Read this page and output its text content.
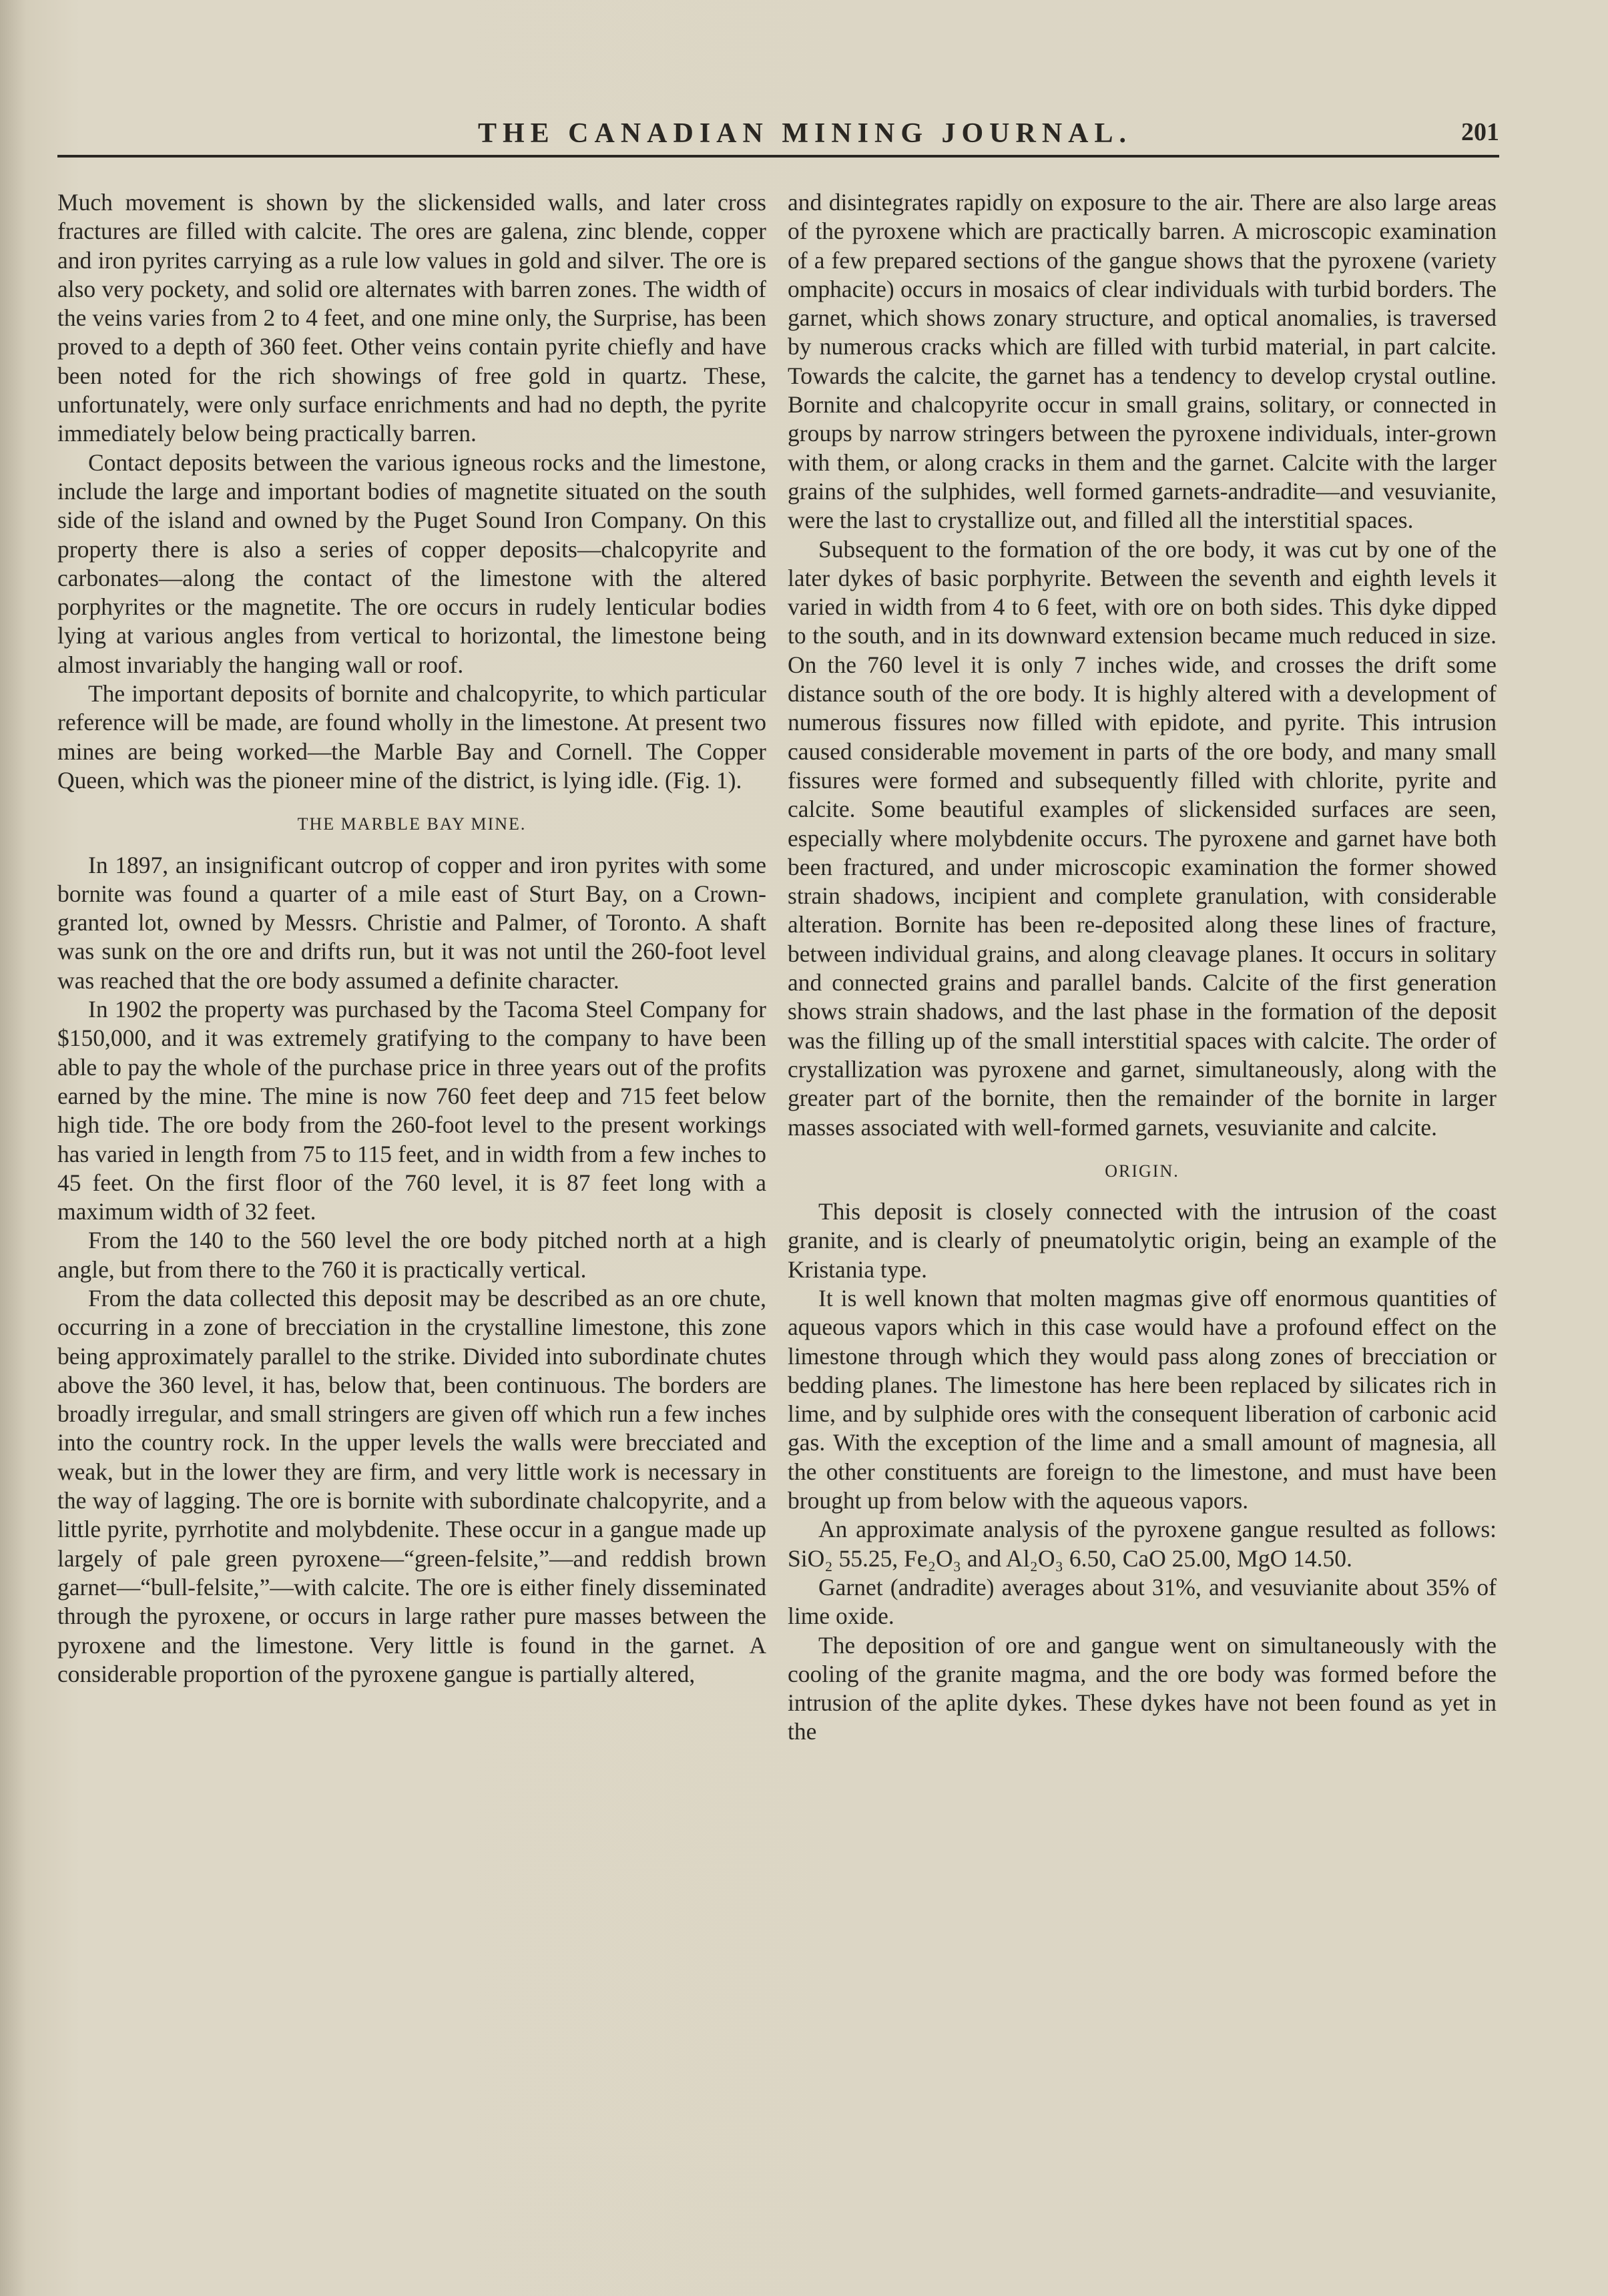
THE CANADIAN MINING JOURNAL.	201

Much movement is shown by the slickensided walls, and later cross fractures are filled with calcite. The ores are galena, zinc blende, copper and iron pyrites carrying as a rule low values in gold and silver. The ore is also very pockety, and solid ore alternates with barren zones. The width of the veins varies from 2 to 4 feet, and one mine only, the Surprise, has been proved to a depth of 360 feet. Other veins contain pyrite chiefly and have been noted for the rich showings of free gold in quartz. These, unfortunately, were only surface enrichments and had no depth, the pyrite immediately below being practically barren.

Contact deposits between the various igneous rocks and the limestone, include the large and important bodies of magnetite situated on the south side of the island and owned by the Puget Sound Iron Company. On this property there is also a series of copper deposits—chalcopyrite and carbonates—along the contact of the limestone with the altered porphyrites or the magnetite. The ore occurs in rudely lenticular bodies lying at various angles from vertical to horizontal, the limestone being almost invariably the hanging wall or roof.

The important deposits of bornite and chalcopyrite, to which particular reference will be made, are found wholly in the limestone. At present two mines are being worked—the Marble Bay and Cornell. The Copper Queen, which was the pioneer mine of the district, is lying idle. (Fig. 1).

THE MARBLE BAY MINE.

In 1897, an insignificant outcrop of copper and iron pyrites with some bornite was found a quarter of a mile east of Sturt Bay, on a Crown-granted lot, owned by Messrs. Christie and Palmer, of Toronto. A shaft was sunk on the ore and drifts run, but it was not until the 260-foot level was reached that the ore body assumed a definite character.

In 1902 the property was purchased by the Tacoma Steel Company for $150,000, and it was extremely gratifying to the company to have been able to pay the whole of the purchase price in three years out of the profits earned by the mine. The mine is now 760 feet deep and 715 feet below high tide. The ore body from the 260-foot level to the present workings has varied in length from 75 to 115 feet, and in width from a few inches to 45 feet. On the first floor of the 760 level, it is 87 feet long with a maximum width of 32 feet.

From the 140 to the 560 level the ore body pitched north at a high angle, but from there to the 760 it is practically vertical.

From the data collected this deposit may be described as an ore chute, occurring in a zone of brecciation in the crystalline limestone, this zone being approximately parallel to the strike. Divided into subordinate chutes above the 360 level, it has, below that, been continuous. The borders are broadly irregular, and small stringers are given off which run a few inches into the country rock. In the upper levels the walls were brecciated and weak, but in the lower they are firm, and very little work is necessary in the way of lagging. The ore is bornite with subordinate chalcopyrite, and a little pyrite, pyrrhotite and molybdenite. These occur in a gangue made up largely of pale green pyroxene—“green-felsite,”—and reddish brown garnet—“bull-felsite,”—with calcite. The ore is either finely disseminated through the pyroxene, or occurs in large rather pure masses between the pyroxene and the limestone. Very little is found in the garnet. A considerable proportion of the pyroxene gangue is partially altered,

and disintegrates rapidly on exposure to the air. There are also large areas of the pyroxene which are practically barren. A microscopic examination of a few prepared sections of the gangue shows that the pyroxene (variety omphacite) occurs in mosaics of clear individuals with turbid borders. The garnet, which shows zonary structure, and optical anomalies, is traversed by numerous cracks which are filled with turbid material, in part calcite. Towards the calcite, the garnet has a tendency to develop crystal outline. Bornite and chalcopyrite occur in small grains, solitary, or connected in groups by narrow stringers between the pyroxene individuals, inter-grown with them, or along cracks in them and the garnet. Calcite with the larger grains of the sulphides, well formed garnets-andradite—and vesuvianite, were the last to crystallize out, and filled all the interstitial spaces.

Subsequent to the formation of the ore body, it was cut by one of the later dykes of basic porphyrite. Between the seventh and eighth levels it varied in width from 4 to 6 feet, with ore on both sides. This dyke dipped to the south, and in its downward extension became much reduced in size. On the 760 level it is only 7 inches wide, and crosses the drift some distance south of the ore body. It is highly altered with a development of numerous fissures now filled with epidote, and pyrite. This intrusion caused considerable movement in parts of the ore body, and many small fissures were formed and subsequently filled with chlorite, pyrite and calcite. Some beautiful examples of slickensided surfaces are seen, especially where molybdenite occurs. The pyroxene and garnet have both been fractured, and under microscopic examination the former showed strain shadows, incipient and complete granulation, with considerable alteration. Bornite has been re-deposited along these lines of fracture, between individual grains, and along cleavage planes. It occurs in solitary and connected grains and parallel bands. Calcite of the first generation shows strain shadows, and the last phase in the formation of the deposit was the filling up of the small interstitial spaces with calcite. The order of crystallization was pyroxene and garnet, simultaneously, along with the greater part of the bornite, then the remainder of the bornite in larger masses associated with well-formed garnets, vesuvianite and calcite.

ORIGIN.

This deposit is closely connected with the intrusion of the coast granite, and is clearly of pneumatolytic origin, being an example of the Kristania type.

It is well known that molten magmas give off enormous quantities of aqueous vapors which in this case would have a profound effect on the limestone through which they would pass along zones of brecciation or bedding planes. The limestone has here been replaced by silicates rich in lime, and by sulphide ores with the consequent liberation of carbonic acid gas. With the exception of the lime and a small amount of magnesia, all the other constituents are foreign to the limestone, and must have been brought up from below with the aqueous vapors.

An approximate analysis of the pyroxene gangue resulted as follows: SiO₂ 55.25, Fe₂O₃ and Al₂O₃ 6.50, CaO 25.00, MgO 14.50.

Garnet (andradite) averages about 31%, and vesuvianite about 35% of lime oxide.

The deposition of ore and gangue went on simultaneously with the cooling of the granite magma, and the ore body was formed before the intrusion of the aplite dykes. These dykes have not been found as yet in the
